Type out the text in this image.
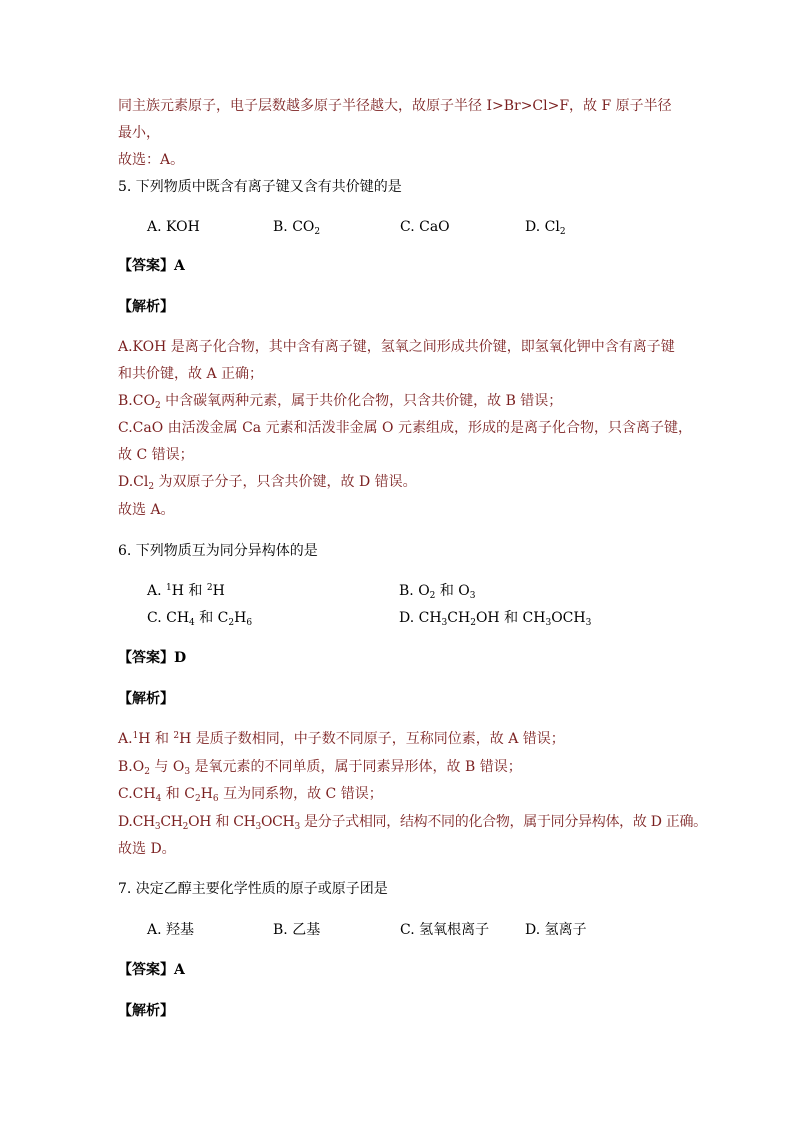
同主族元素原子，电子层数越多原子半径越大，故原子半径 I>Br>Cl>F，故 F 原子半径
最小，
故选：A。
5. 下列物质中既含有离子键又含有共价键的是
A. KOH	B. $CO_2$	C. CaO	D. $Cl_2$
【答案】A
【解析】
A.KOH 是离子化合物，其中含有离子键，氢氧之间形成共价键，即氢氧化钾中含有离子键
和共价键，故 A 正确；
$B.CO_2$ 中含碳氧两种元素，属于共价化合物，只含共价键，故 B 错误；
C.CaO 由活泼金属 Ca 元素和活泼非金属 O 元素组成，形成的是离子化合物，只含离子键，
故 C 错误；
$D.Cl_2$ 为双原子分子，只含共价键，故 D 错误。
故选 A。
6. 下列物质互为同分异构体的是
A. $^1$H 和 $^2$H	B. $O_2$ 和 $O_3$
C. $CH_4$ 和 $C_2H_6$	D. $CH_3CH_2OH$ 和 $CH_3OCH_3$
【答案】D
【解析】
A.$^1$H 和 $^2$H 是质子数相同，中子数不同原子，互称同位素，故 A 错误；
$B.O_2$ 与 $O_3$ 是氧元素的不同单质，属于同素异形体，故 B 错误；
$C.CH_4$ 和 $C_2H_6$ 互为同系物，故 C 错误；
$D.CH_3CH_2OH$ 和 $CH_3OCH_3$ 是分子式相同，结构不同的化合物，属于同分异构体，故 D 正确。
故选 D。
7. 决定乙醇主要化学性质的原子或原子团是
A. 羟基	B. 乙基	C. 氢氧根离子	D. 氢离子
【答案】A
【解析】
